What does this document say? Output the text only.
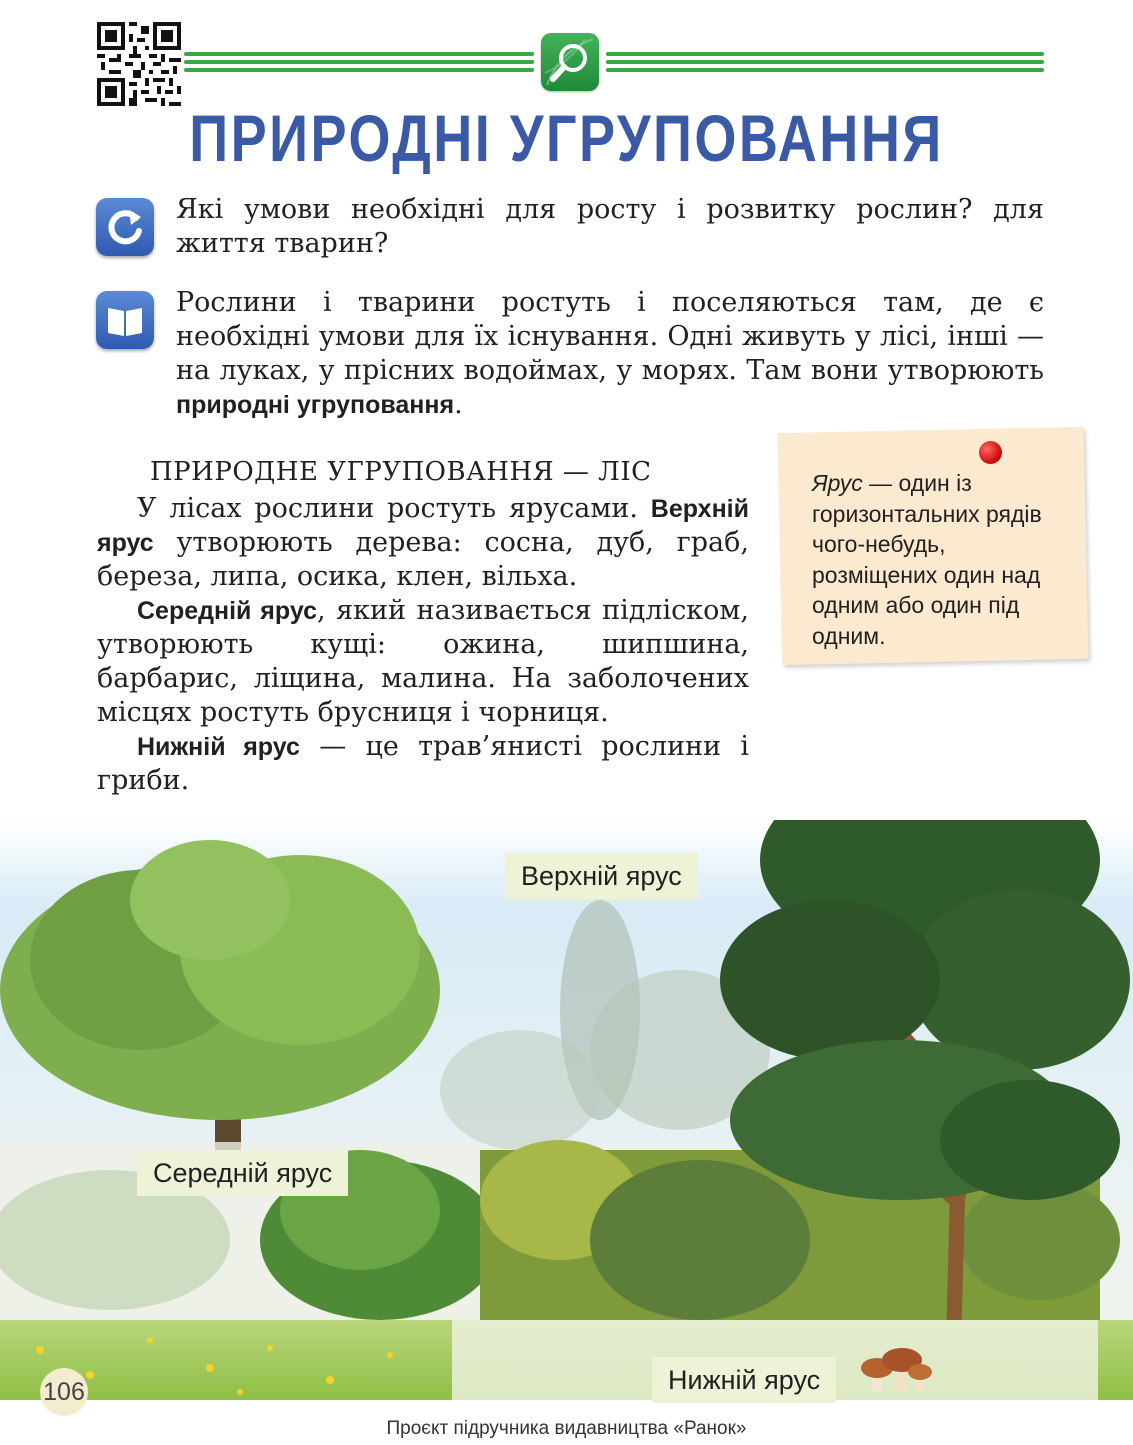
ПРИРОДНІ УГРУПОВАННЯ
Які умови необхідні для росту і розвитку рослин? для життя тварин?
Рослини і тварини ростуть і поселяються там, де є необхідні умови для їх існування. Одні живуть у лісі, інші — на луках, у прісних водоймах, у морях. Там вони утворюють природні угруповання.
ПРИРОДНЕ УГРУПОВАННЯ — ЛІС
У лісах рослини ростуть ярусами. Верхній ярус утворюють дерева: сосна, дуб, граб, береза, липа, осика, клен, вільха.
Середній ярус, який називається підліском, утворюють кущі: ожина, шипшина, барбарис, ліщина, малина. На заболочених місцях ростуть брусниця і чорниця.
Нижній ярус — це трав’янисті рослини і гриби.
Ярус — один із горизонтальних рядів чого-небудь, розміщених один над одним або один під одним.
Верхній ярус
Середній ярус
Нижній ярус
106
Проєкт підручника видавництва «Ранок»
